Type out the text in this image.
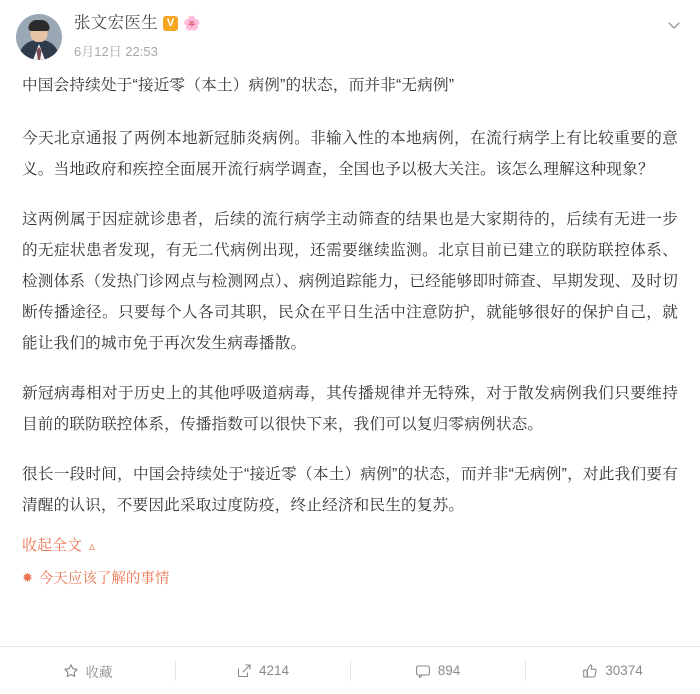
张文宏医生 V 🌸
6月12日 22:53

中国会持续处于“接近零（本土）病例”的状态，而并非“无病例”

今天北京通报了两例本地新冠肺炎病例。非输入性的本地病例，在流行病学上有比较重要的意义。当地政府和疾控全面展开流行病学调查，全国也予以极大关注。该怎么理解这种现象？

这两例属于因症就诊患者，后续的流行病学主动筛查的结果也是大家期待的，后续有无进一步的无症状患者发现，有无二代病例出现，还需要继续监测。北京目前已建立的联防联控体系、检测体系（发热门诊网点与检测网点）、病例追踪能力，已经能够即时筛查、早期发现、及时切断传播途径。只要每个人各司其职，民众在平日生活中注意防护，就能够很好的保护自己，就能让我们的城市免于再次发生病毒播散。

新冠病毒相对于历史上的其他呼吸道病毒，其传播规律并无特殊，对于散发病例我们只要维持目前的联防联控体系，传播指数可以很快下来，我们可以复归零病例状态。

很长一段时间，中国会持续处于“接近零（本土）病例”的状态，而并非“无病例”，对此我们要有清醒的认识，不要因此采取过度防疫，终止经济和民生的复苏。

收起全文 ▵
✹ 今天应该了解的事情
收藏	4214	894	30374
